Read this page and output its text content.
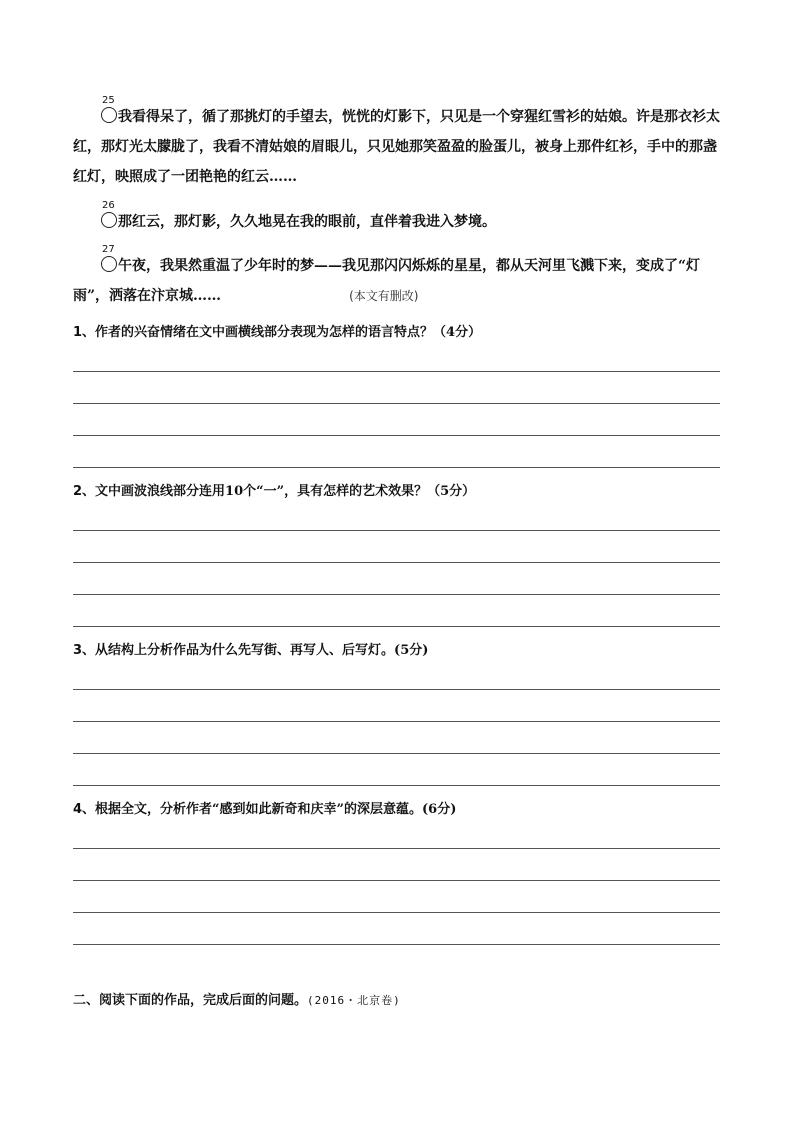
25
我看得呆了，循了那挑灯的手望去，恍恍的灯影下，只见是一个穿猩红雪衫的姑娘。许是那衣衫太红，那灯光太朦胧了，我看不清姑娘的眉眼儿，只见她那笑盈盈的脸蛋儿，被身上那件红衫，手中的那盏红灯，映照成了一团艳艳的红云……

26
那红云，那灯影，久久地晃在我的眼前，直伴着我进入梦境。

27
午夜，我果然重温了少年时的梦——我见那闪闪烁烁的星星，都从天河里飞溅下来，变成了“灯雨”，洒落在汴京城……	(本文有删改)

1、作者的兴奋情绪在文中画横线部分表现为怎样的语言特点？（4分）
2、文中画波浪线部分连用10个“一”，具有怎样的艺术效果？（5分）
3、从结构上分析作品为什么先写街、再写人、后写灯。(5分)
4、根据全文，分析作者“感到如此新奇和庆幸”的深层意蕴。(6分)
二、阅读下面的作品，完成后面的问题。(2016・北京卷)
